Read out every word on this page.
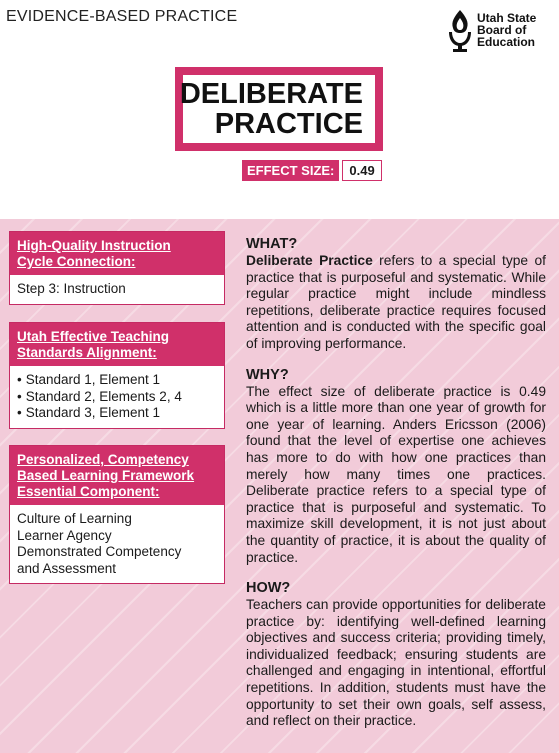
EVIDENCE-BASED PRACTICE	Utah State
Board of
Education
DELIBERATE
PRACTICE
EFFECT SIZE:	0.49
High-Quality Instruction
Cycle Connection:
Step 3: Instruction
Utah Effective Teaching
Standards Alignment:
• Standard 1, Element 1
• Standard 2, Elements 2, 4
• Standard 3, Element 1
Personalized, Competency
Based Learning Framework
Essential Component:
Culture of Learning
Learner Agency
Demonstrated Competency
and Assessment
WHAT?
Deliberate Practice refers to a special type of practice that is purposeful and systematic. While regular practice might include mindless repetitions, deliberate practice requires focused attention and is conducted with the specific goal of improving performance.
WHY?
The effect size of deliberate practice is 0.49 which is a little more than one year of growth for one year of learning. Anders Ericsson (2006) found that the level of expertise one achieves has more to do with how one practices than merely how many times one practices. Deliberate practice refers to a special type of practice that is purposeful and systematic. To maximize skill development, it is not just about the quantity of practice, it is about the quality of practice.
HOW?
Teachers can provide opportunities for deliberate practice by: identifying well-defined learning objectives and success criteria; providing timely, individualized feedback; ensuring students are challenged and engaging in intentional, effortful repetitions. In addition, students must have the opportunity to set their own goals, self assess, and reflect on their practice.
